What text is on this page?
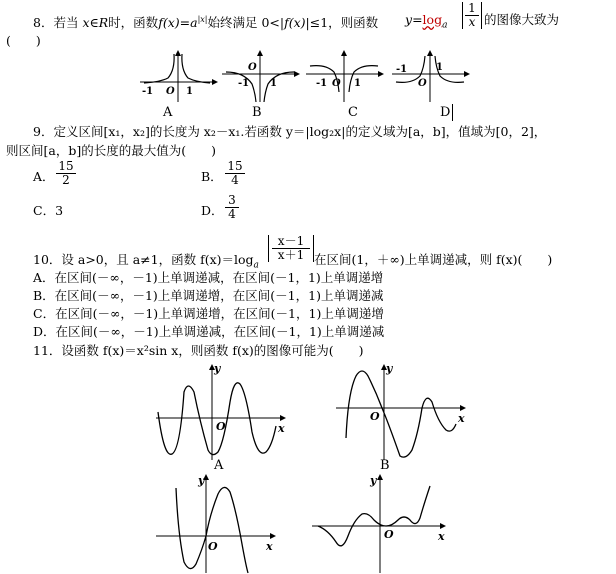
8．若当 x∈R时，函数$f(x)=a^{|x|}$始终满足 0<|f(x)|≤1，则函数 $y=\log_a \frac{1}{x}$ 的图像大致为
(　　)
-1 O 1
A
O
-1 1
B
-1 O 1
C
-1
O
1
D
9．定义区间[x₁，x₂]的长度为 x₂－x₁.若函数 y＝|log₂x|的定义域为[a，b]，值域为[0，2]，
则区间[a，b]的长度的最大值为(　　)
A． $\frac{15}{2}$	B． $\frac{15}{4}$
C．3	D． $\frac{3}{4}$
10．设 a>0，且 a≠1，函数 $f(x)=\log_a$
$\frac{x-1}{x+1}$ 在区间(1，＋∞)上单调递减，则 f(x)(　　)
A．在区间(－∞，－1)上单调递减，在区间(－1，1)上单调递增
B．在区间(－∞，－1)上单调递增，在区间(－1，1)上单调递减
C．在区间(－∞，－1)上单调递增，在区间(－1，1)上单调递增
D．在区间(－∞，－1)上单调递减，在区间(－1，1)上单调递减
11．设函数 f(x)＝x²sin x，则函数 f(x)的图像可能为(　　)
y
x
O
A
y
x
O
B
y
x
O
y
x
O
